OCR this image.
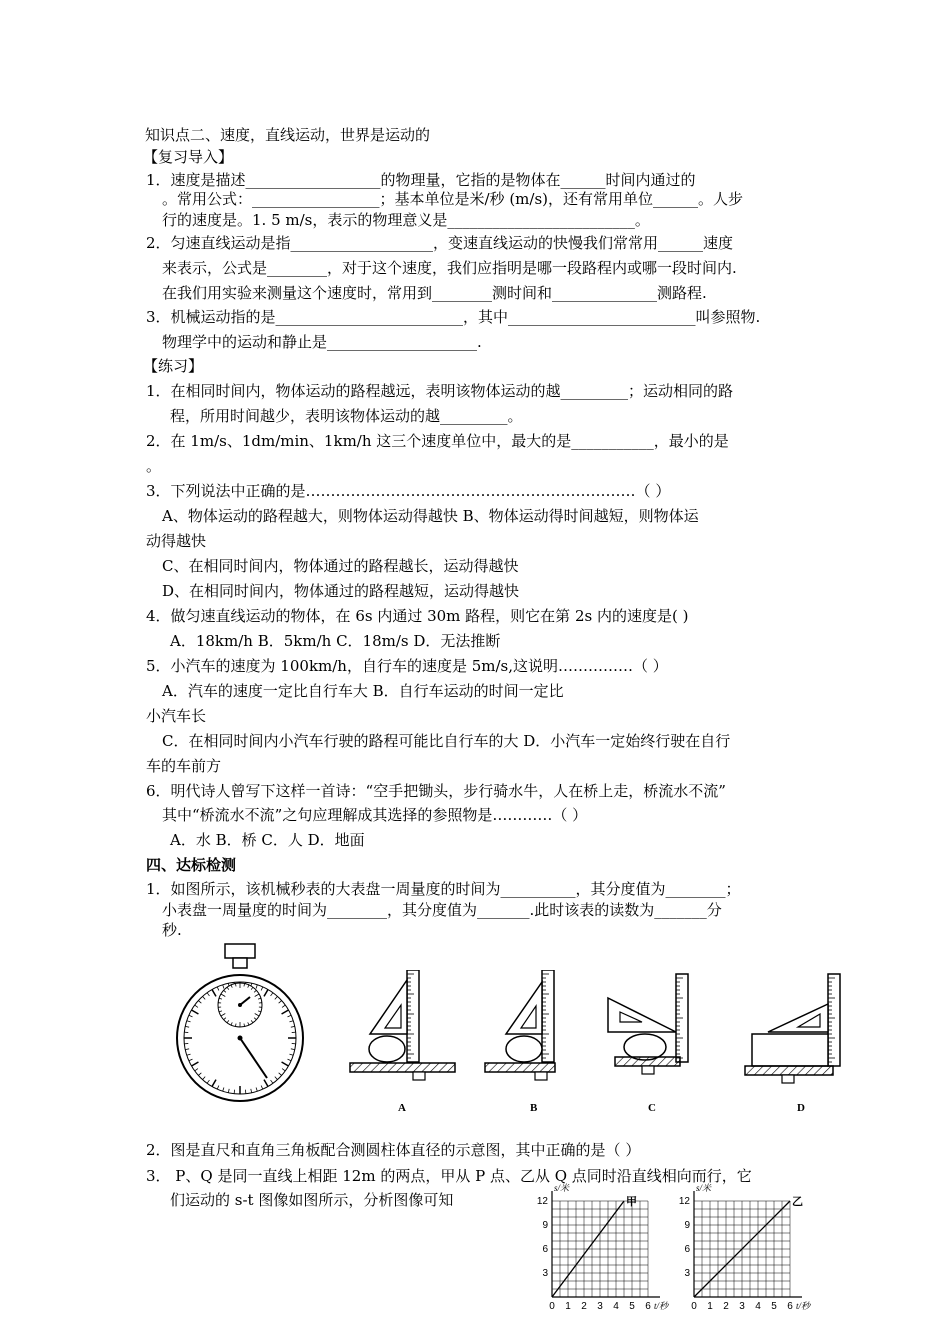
知识点二、速度，直线运动，世界是运动的
【复习导入】
1．速度是描述__________________的物理量，它指的是物体在______时间内通过的
。常用公式：_________________；基本单位是米/秒 (m/s)，还有常用单位______。人步
行的速度是。1. 5 m/s，表示的物理意义是_________________________。
2．匀速直线运动是指___________________，变速直线运动的快慢我们常常用______速度
来表示，公式是________，对于这个速度，我们应指明是哪一段路程内或哪一段时间内.
在我们用实验来测量这个速度时，常用到________测时间和______________测路程.
3．机械运动指的是_________________________，其中_________________________叫参照物.
物理学中的运动和静止是____________________.
【练习】
1．在相同时间内，物体运动的路程越远，表明该物体运动的越_________；运动相同的路
程，所用时间越少，表明该物体运动的越_________。
2．在 1m/s、1dm/min、1km/h 这三个速度单位中，最大的是___________，最小的是
。
3．下列说法中正确的是…………………………………………………………（ ）
A、物体运动的路程越大，则物体运动得越快 B、物体运动得时间越短，则物体运
动得越快
C、在相同时间内，物体通过的路程越长，运动得越快
D、在相同时间内，物体通过的路程越短，运动得越快
4．做匀速直线运动的物体，在 6s 内通过 30m 路程，则它在第 2s 内的速度是( )
A．18km/h B．5km/h C．18m/s D．无法推断
5．小汽车的速度为 100km/h，自行车的速度是 5m/s,这说明……………（ ）
A．汽车的速度一定比自行车大 B．自行车运动的时间一定比
小汽车长
C．在相同时间内小汽车行驶的路程可能比自行车的大 D．小汽车一定始终行驶在自行
车的车前方
6．明代诗人曾写下这样一首诗：“空手把锄头，步行骑水牛，人在桥上走，桥流水不流”
其中“桥流水不流”之句应理解成其选择的参照物是…………（ ）
A．水 B．桥 C．人 D．地面
四、达标检测
1．如图所示，该机械秒表的大表盘一周量度的时间为__________，其分度值为________；
小表盘一周量度的时间为________，其分度值为_______.此时该表的读数为_______分
秒.
2．图是直尺和直角三角板配合测圆柱体直径的示意图，其中正确的是（ ）
3． P、Q 是同一直线上相距 12m 的两点，甲从 P 点、乙从 Q 点同时沿直线相向而行，它
们运动的 s-t 图像如图所示，分析图像可知
A	B	C	D
0 1 2 3 4 5 6
3
6
9
12
t/秒
s/米
甲
0 1 2 3 4 5 6
3
6
9
12
t/秒
s/米
乙
